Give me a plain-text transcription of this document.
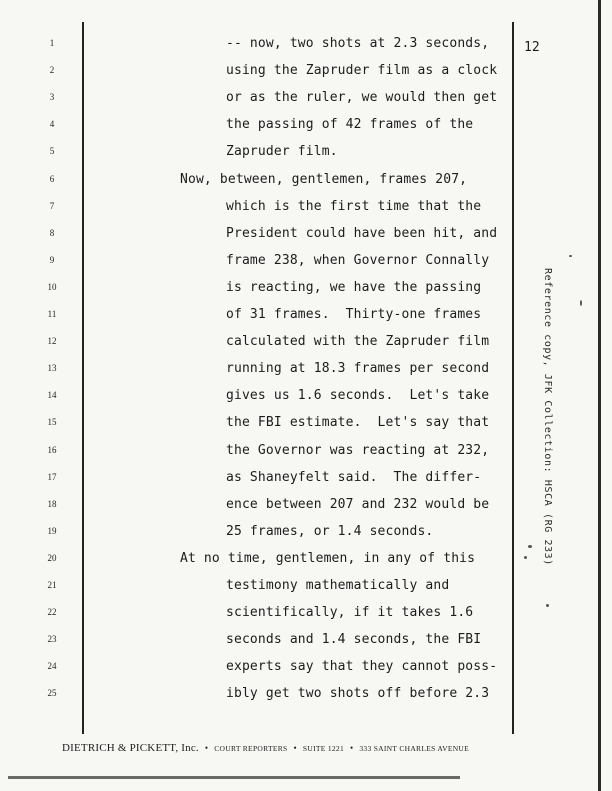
12
1
2
3
4
5
6
7
8
9
10
11
12
13
14
15
16
17
18
19
20
21
22
23
24
25
-- now, two shots at 2.3 seconds,
using the Zapruder film as a clock
or as the ruler, we would then get
the passing of 42 frames of the
Zapruder film.
Now, between, gentlemen, frames 207,
which is the first time that the
President could have been hit, and
frame 238, when Governor Connally
is reacting, we have the passing
of 31 frames.  Thirty-one frames
calculated with the Zapruder film
running at 18.3 frames per second
gives us 1.6 seconds.  Let's take
the FBI estimate.  Let's say that
the Governor was reacting at 232,
as Shaneyfelt said.  The differ-
ence between 207 and 232 would be
25 frames, or 1.4 seconds.
At no time, gentlemen, in any of this
testimony mathematically and
scientifically, if it takes 1.6
seconds and 1.4 seconds, the FBI
experts say that they cannot poss-
ibly get two shots off before 2.3
Reference copy, JFK Collection: HSCA (RG 233)
DIETRICH & PICKETT, Inc. • COURT REPORTERS • SUITE 1221 • 333 SAINT CHARLES AVENUE
